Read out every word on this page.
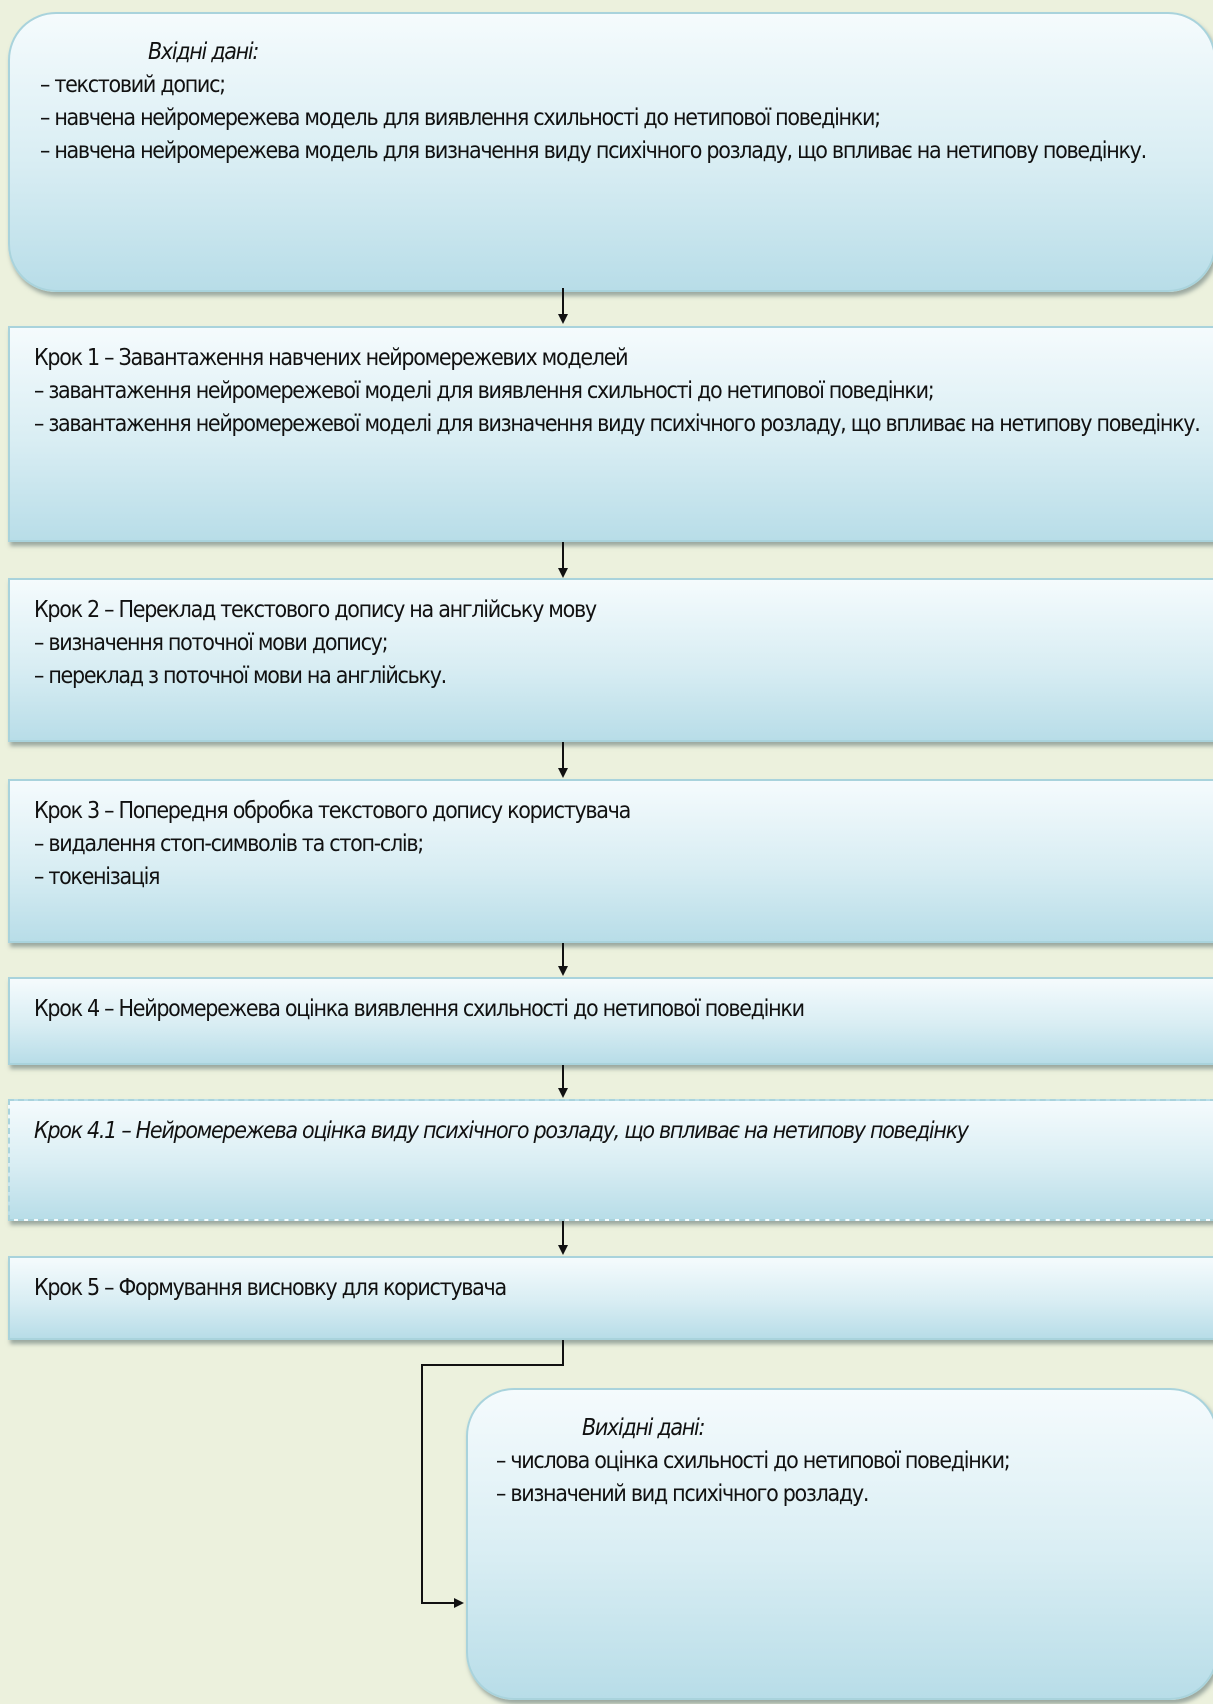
Вхідні дані:
– текстовий допис;
– навчена нейромережева модель для виявлення схильності до нетипової поведінки;
– навчена нейромережева модель для визначення виду психічного розладу, що впливає на нетипову поведінку.
Крок 1 – Завантаження навчених нейромережевих моделей
– завантаження нейромережевої моделі для виявлення схильності до нетипової поведінки;
– завантаження нейромережевої моделі для визначення виду психічного розладу, що впливає на нетипову поведінку.
Крок 2 – Переклад текстового допису на англійську мову
– визначення поточної мови допису;
– переклад з поточної мови на англійську.
Крок 3 – Попередня обробка текстового допису користувача
– видалення стоп-символів та стоп-слів;
– токенізація
Крок 4 – Нейромережева оцінка виявлення схильності до нетипової поведінки
Крок 4.1 – Нейромережева оцінка виду психічного розладу, що впливає на нетипову поведінку
Крок 5 – Формування висновку для користувача
Вихідні дані:
– числова оцінка схильності до нетипової поведінки;
– визначений вид психічного розладу.
